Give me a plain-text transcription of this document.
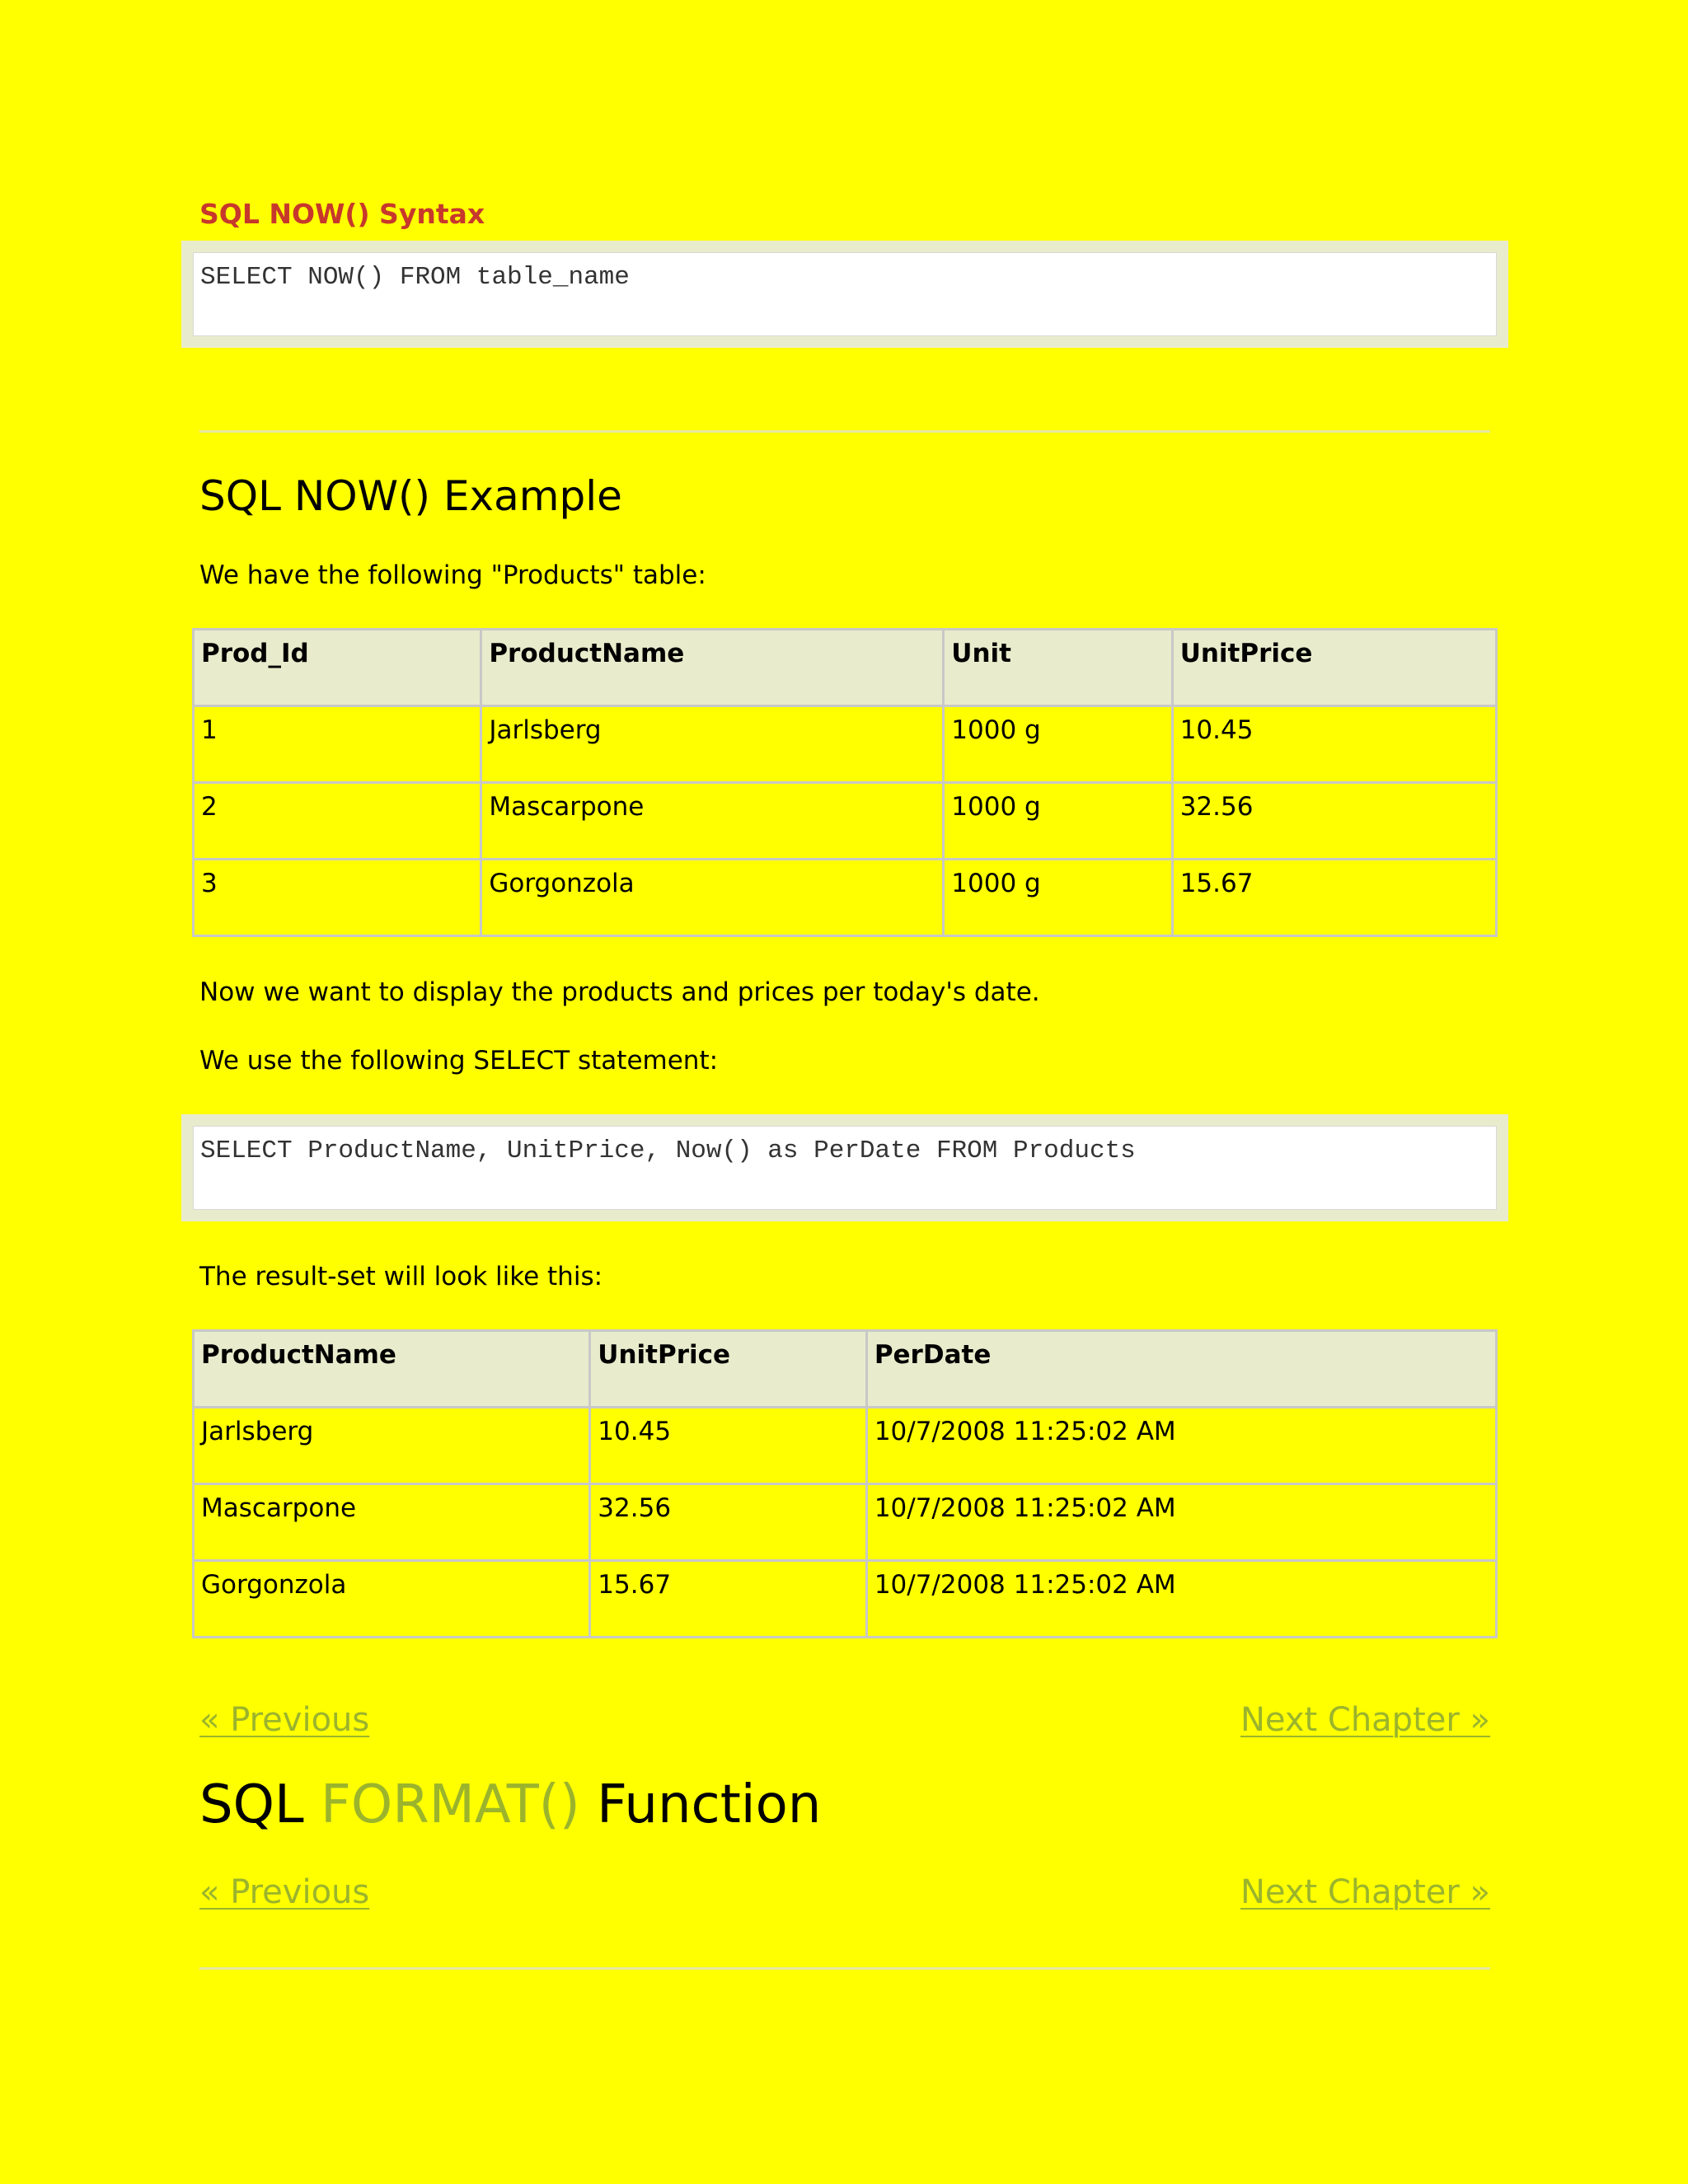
SQL NOW() Syntax
SELECT NOW() FROM table_name
SQL NOW() Example

We have the following "Products" table:

Prod_Id	ProductName	Unit	UnitPrice
1	Jarlsberg	1000 g	10.45
2	Mascarpone	1000 g	32.56
3	Gorgonzola	1000 g	15.67

Now we want to display the products and prices per today's date.

We use the following SELECT statement:

SELECT ProductName, UnitPrice, Now() as PerDate FROM Products

The result-set will look like this:

ProductName	UnitPrice	PerDate
Jarlsberg	10.45	10/7/2008 11:25:02 AM
Mascarpone	32.56	10/7/2008 11:25:02 AM
Gorgonzola	15.67	10/7/2008 11:25:02 AM
« Previous	Next Chapter »
SQL FORMAT() Function
« Previous	Next Chapter »
